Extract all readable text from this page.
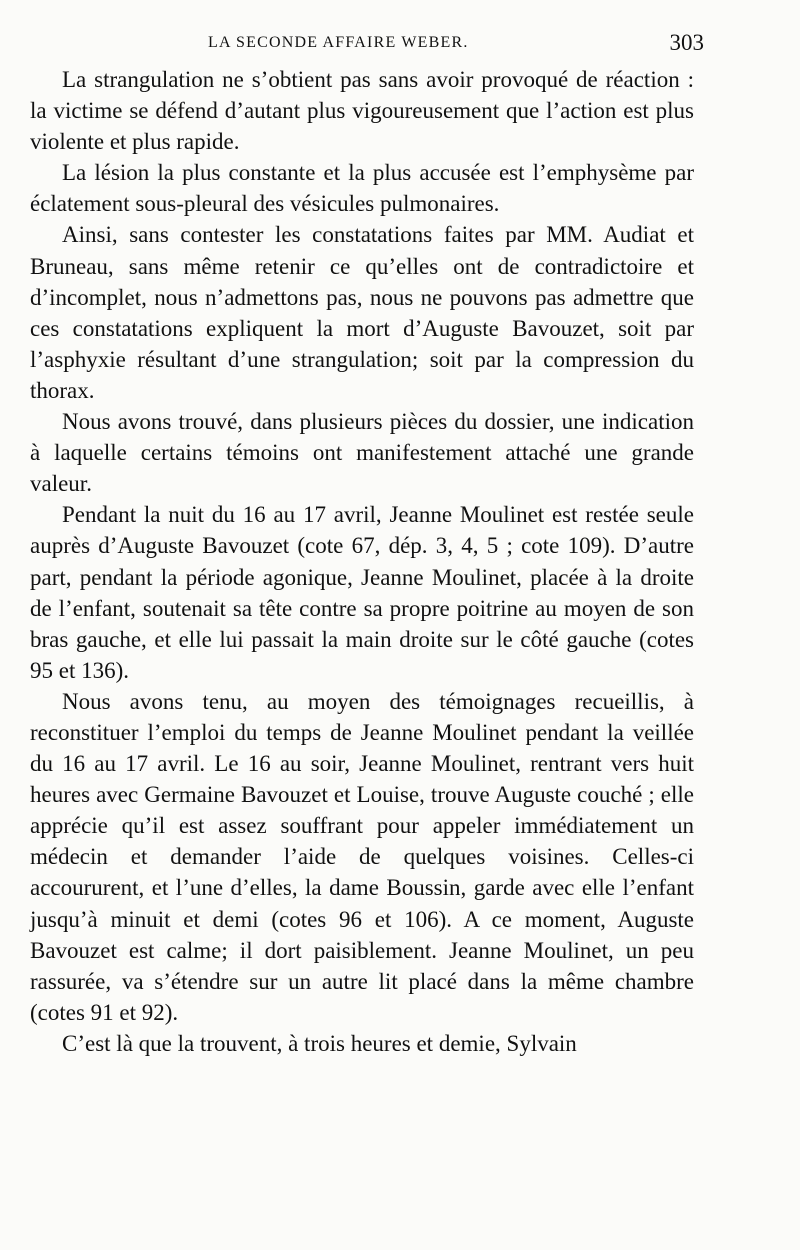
LA SECONDE AFFAIRE WEBER.	303

La strangulation ne s’obtient pas sans avoir provoqué de réaction : la victime se défend d’autant plus vigoureusement que l’action est plus violente et plus rapide.

La lésion la plus constante et la plus accusée est l’emphysème par éclatement sous-pleural des vésicules pulmonaires.

Ainsi, sans contester les constatations faites par MM. Audiat et Bruneau, sans même retenir ce qu’elles ont de contradictoire et d’incomplet, nous n’admettons pas, nous ne pouvons pas admettre que ces constatations expliquent la mort d’Auguste Bavouzet, soit par l’asphyxie résultant d’une strangulation; soit par la compression du thorax.

Nous avons trouvé, dans plusieurs pièces du dossier, une indication à laquelle certains témoins ont manifestement attaché une grande valeur.

Pendant la nuit du 16 au 17 avril, Jeanne Moulinet est restée seule auprès d’Auguste Bavouzet (cote 67, dép. 3, 4, 5 ; cote 109). D’autre part, pendant la période agonique, Jeanne Moulinet, placée à la droite de l’enfant, soutenait sa tête contre sa propre poitrine au moyen de son bras gauche, et elle lui passait la main droite sur le côté gauche (cotes 95 et 136).

Nous avons tenu, au moyen des témoignages recueillis, à reconstituer l’emploi du temps de Jeanne Moulinet pendant la veillée du 16 au 17 avril. Le 16 au soir, Jeanne Moulinet, rentrant vers huit heures avec Germaine Bavouzet et Louise, trouve Auguste couché ; elle apprécie qu’il est assez souffrant pour appeler immédiatement un médecin et demander l’aide de quelques voisines. Celles-ci accoururent, et l’une d’elles, la dame Boussin, garde avec elle l’enfant jusqu’à minuit et demi (cotes 96 et 106). A ce moment, Auguste Bavouzet est calme; il dort paisiblement. Jeanne Moulinet, un peu rassurée, va s’étendre sur un autre lit placé dans la même chambre (cotes 91 et 92).

C’est là que la trouvent, à trois heures et demie, Sylvain
